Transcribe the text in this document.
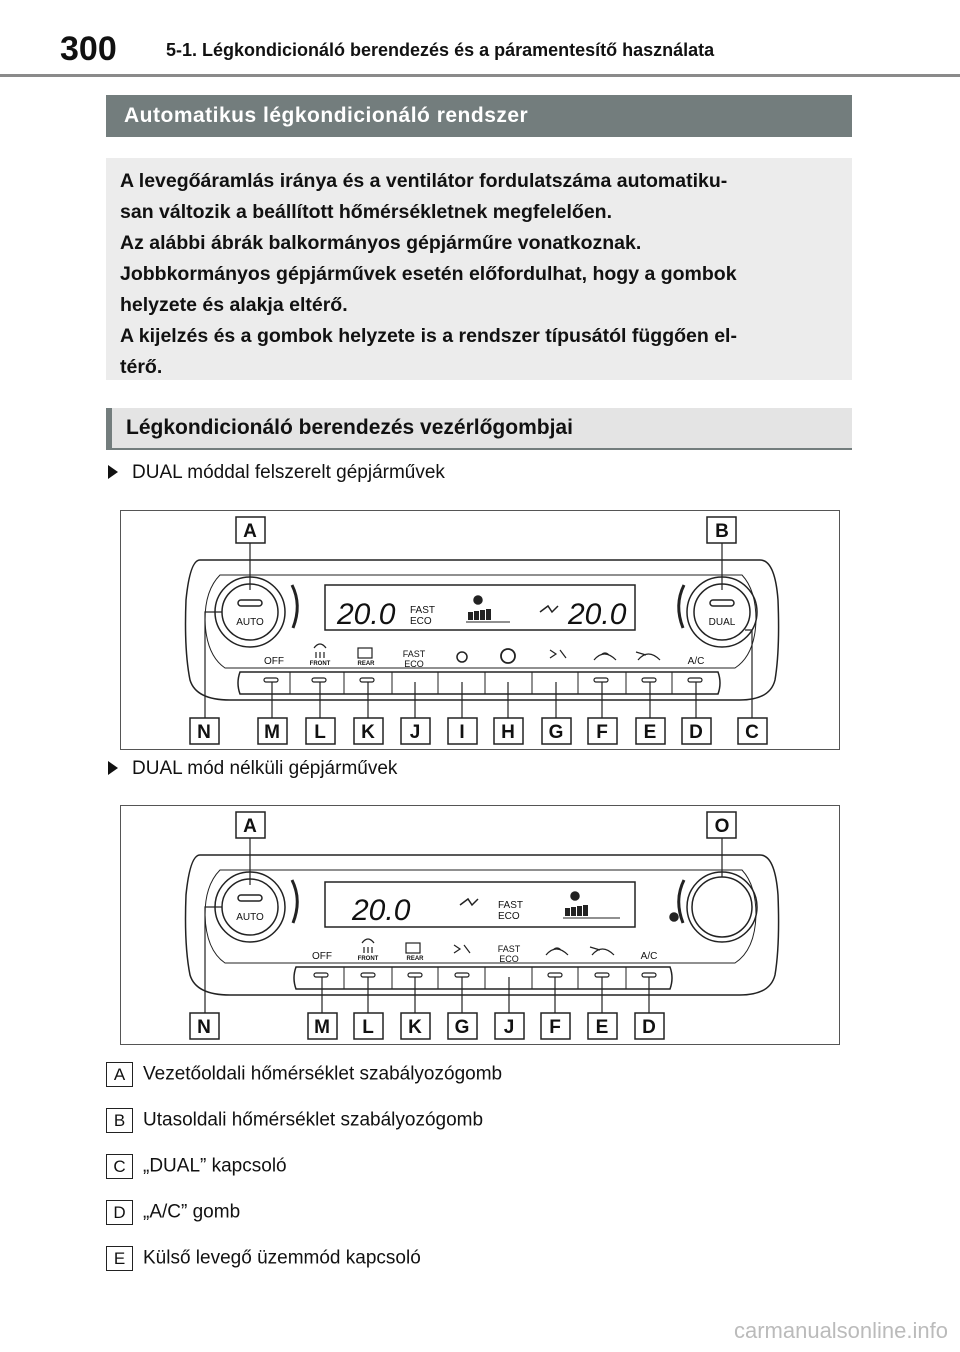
300	5-1. Légkondicionáló berendezés és a páramentesítő használata
Automatikus légkondicionáló rendszer
A levegőáramlás iránya és a ventilátor fordulatszáma automatiku-
san változik a beállított hőmérsékletnek megfelelően.
Az alábbi ábrák balkormányos gépjárműre vonatkoznak.
Jobbkormányos gépjárművek esetén előfordulhat, hogy a gombok
helyzete és alakja eltérő.
A kijelzés és a gombok helyzete is a rendszer típusától függően el-
térő.
Légkondicionáló berendezés vezérlőgombjai
DUAL móddal felszerelt gépjárművek
A	B
N	M L K J I H G F E D C
AUTO	DUAL
20.0	20.0
FAST
ECO
OFF	FRONT	REAR
FAST
ECO	A/C
DUAL mód nélküli gépjárművek
A	O
N	M L K G J F E D
AUTO	20.0	FAST
ECO
OFF	FRONT	REAR
FAST
ECO	A/C
A Vezetőoldali hőmérséklet szabályozógomb
B Utasoldali hőmérséklet szabályozógomb
C „DUAL” kapcsoló
D „A/C” gomb
E Külső levegő üzemmód kapcsoló
carmanualsonline.info
